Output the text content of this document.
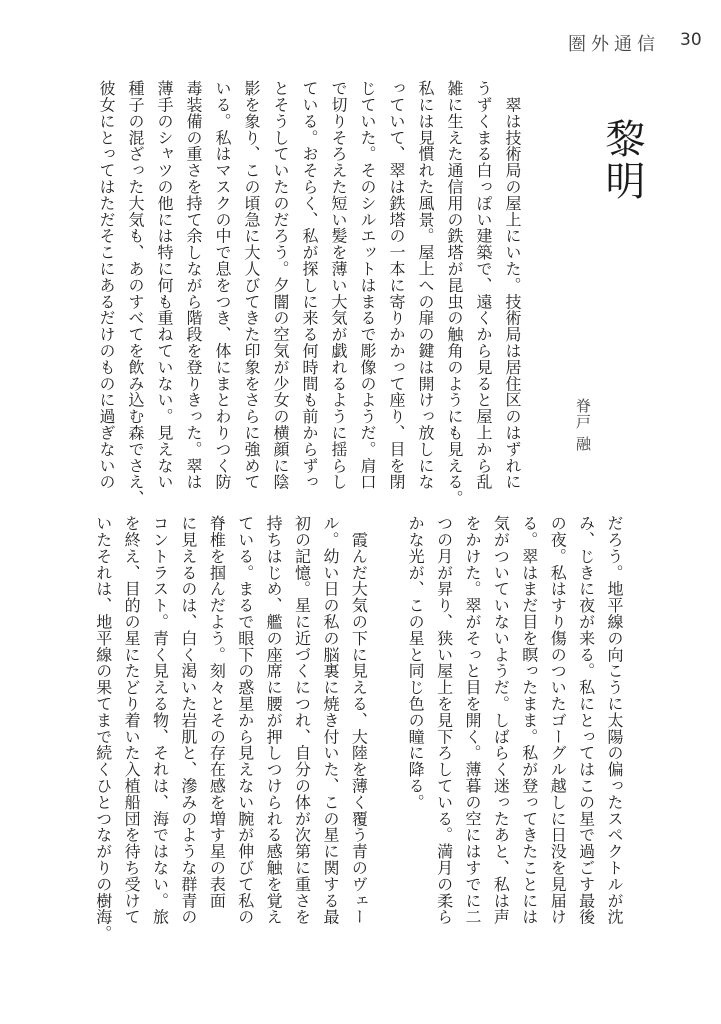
圏外通信 30
黎明
脊戸 融
　翠は技術局の屋上にいた。技術局は居住区のはずれに
うずくまる白っぽい建築で、遠くから見ると屋上から乱
雑に生えた通信用の鉄塔が昆虫の触角のようにも見える。
私には見慣れた風景。屋上への扉の鍵は開けっ放しにな
っていて、翠は鉄塔の一本に寄りかかって座り、目を閉
じていた。そのシルエットはまるで彫像のようだ。肩口
で切りそろえた短い髪を薄い大気が戯れるように揺らし
ている。おそらく、私が探しに来る何時間も前からずっ
とそうしていたのだろう。夕闇の空気が少女の横顔に陰
影を象り、この頃急に大人びてきた印象をさらに強めて
いる。私はマスクの中で息をつき、体にまとわりつく防
毒装備の重さを持て余しながら階段を登りきった。翠は
薄手のシャツの他には特に何も重ねていない。見えない
種子の混ざった大気も、あのすべてを飲み込む森でさえ、
彼女にとってはただそこにあるだけのものに過ぎないの
だろう。地平線の向こうに太陽の偏ったスペクトルが沈
み、じきに夜が来る。私にとってはこの星で過ごす最後
の夜。私はすり傷のついたゴーグル越しに日没を見届け
る。翠はまだ目を瞑ったまま。私が登ってきたことには
気がついていないようだ。しばらく迷ったあと、私は声
をかけた。翠がそっと目を開く。薄暮の空にはすでに二
つの月が昇り、狭い屋上を見下ろしている。満月の柔ら
かな光が、この星と同じ色の瞳に降る。

　霞んだ大気の下に見える、大陸を薄く覆う青のヴェー
ル。幼い日の私の脳裏に焼き付いた、この星に関する最
初の記憶。星に近づくにつれ、自分の体が次第に重さを
持ちはじめ、艦の座席に腰が押しつけられる感触を覚え
ている。まるで眼下の惑星から見えない腕が伸びて私の
脊椎を掴んだよう。刻々とその存在感を増す星の表面
に見えるのは、白く渇いた岩肌と、滲みのような群青の
コントラスト。青く見える物、それは、海ではない。旅
を終え、目的の星にたどり着いた入植船団を待ち受けて
いたそれは、地平線の果てまで続くひとつながりの樹海。
